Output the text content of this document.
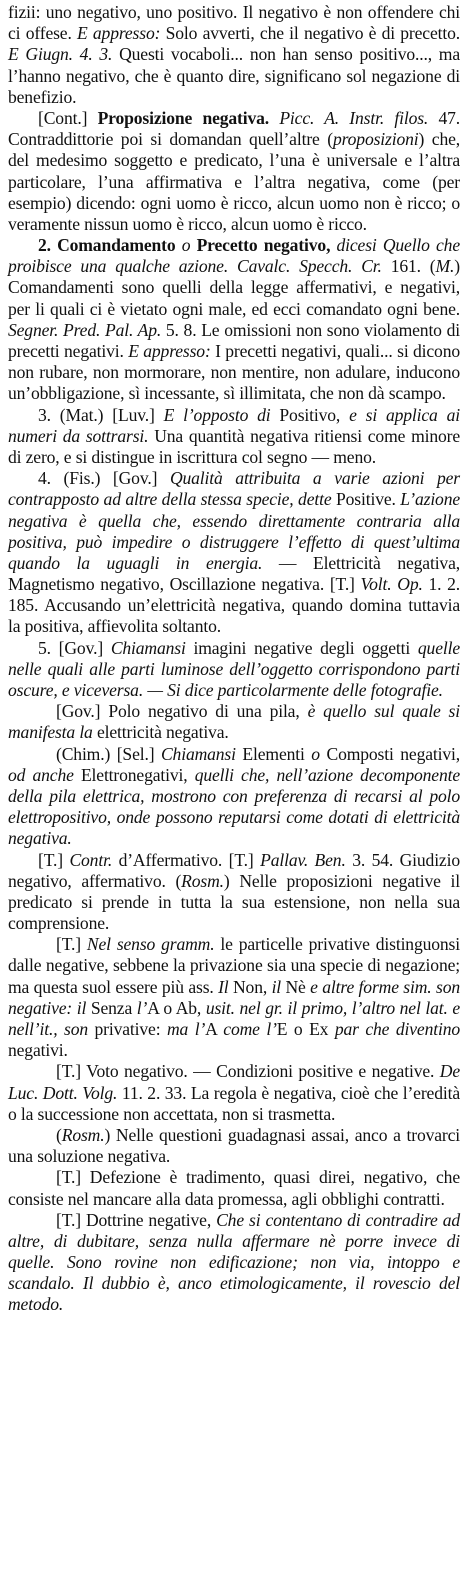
fizii: uno negativo, uno positivo. Il negativo è non offendere chi ci offese. E appresso: Solo avverti, che il negativo è di precetto. E Giugn. 4. 3. Questi vocaboli... non han senso positivo..., ma l’hanno negativo, che è quanto dire, significano sol negazione di benefizio.

[Cont.] Proposizione negativa. Picc. A. Instr. filos. 47. Contraddittorie poi si domandan quell’altre (proposizioni) che, del medesimo soggetto e predicato, l’una è universale e l’altra particolare, l’una affirmativa e l’altra negativa, come (per esempio) dicendo: ogni uomo è ricco, alcun uomo non è ricco; o veramente nissun uomo è ricco, alcun uomo è ricco.

2. Comandamento o Precetto negativo, dicesi Quello che proibisce una qualche azione. Cavalc. Specch. Cr. 161. (M.) Comandamenti sono quelli della legge affermativi, e negativi, per li quali ci è vietato ogni male, ed ecci comandato ogni bene. Segner. Pred. Pal. Ap. 5. 8. Le omissioni non sono violamento di precetti negativi. E appresso: I precetti negativi, quali... si dicono non rubare, non mormorare, non mentire, non adulare, inducono un’obbligazione, sì incessante, sì illimitata, che non dà scampo.

3. (Mat.) [Luv.] E l’opposto di Positivo, e si applica ai numeri da sottrarsi. Una quantità negativa ritiensi come minore di zero, e si distingue in iscrittura col segno — meno.

4. (Fis.) [Gov.] Qualità attribuita a varie azioni per contrapposto ad altre della stessa specie, dette Positive. L’azione negativa è quella che, essendo direttamente contraria alla positiva, può impedire o distruggere l’effetto di quest’ultima quando la uguagli in energia. — Elettricità negativa, Magnetismo negativo, Oscillazione negativa. [T.] Volt. Op. 1. 2. 185. Accusando un’elettricità negativa, quando domina tuttavia la positiva, affievolita soltanto.

5. [Gov.] Chiamansi imagini negative degli oggetti quelle nelle quali alle parti luminose dell’oggetto corrispondono parti oscure, e viceversa. — Si dice particolarmente delle fotografie.

[Gov.] Polo negativo di una pila, è quello sul quale si manifesta la elettricità negativa.

(Chim.) [Sel.] Chiamansi Elementi o Composti negativi, od anche Elettronegativi, quelli che, nell’azione decomponente della pila elettrica, mostrono con preferenza di recarsi al polo elettropositivo, onde possono reputarsi come dotati di elettricità negativa.

[T.] Contr. d’Affermativo. [T.] Pallav. Ben. 3. 54. Giudizio negativo, affermativo. (Rosm.) Nelle proposizioni negative il predicato si prende in tutta la sua estensione, non nella sua comprensione.

[T.] Nel senso gramm. le particelle privative distinguonsi dalle negative, sebbene la privazione sia una specie di negazione; ma questa suol essere più ass. Il Non, il Nè e altre forme sim. son negative: il Senza l’A o Ab, usit. nel gr. il primo, l’altro nel lat. e nell’it., son privative: ma l’A come l’E o Ex par che diventino negativi.

[T.] Voto negativo. — Condizioni positive e negative. De Luc. Dott. Volg. 11. 2. 33. La regola è negativa, cioè che l’eredità o la successione non accettata, non si trasmetta.

(Rosm.) Nelle questioni guadagnasi assai, anco a trovarci una soluzione negativa.

[T.] Defezione è tradimento, quasi direi, negativo, che consiste nel mancare alla data promessa, agli obblighi contratti.

[T.] Dottrine negative, Che si contentano di contradire ad altre, di dubitare, senza nulla affermare nè porre invece di quelle. Sono rovine non edificazione; non via, intoppo e scandalo. Il dubbio è, anco etimologicamente, il rovescio del metodo.
